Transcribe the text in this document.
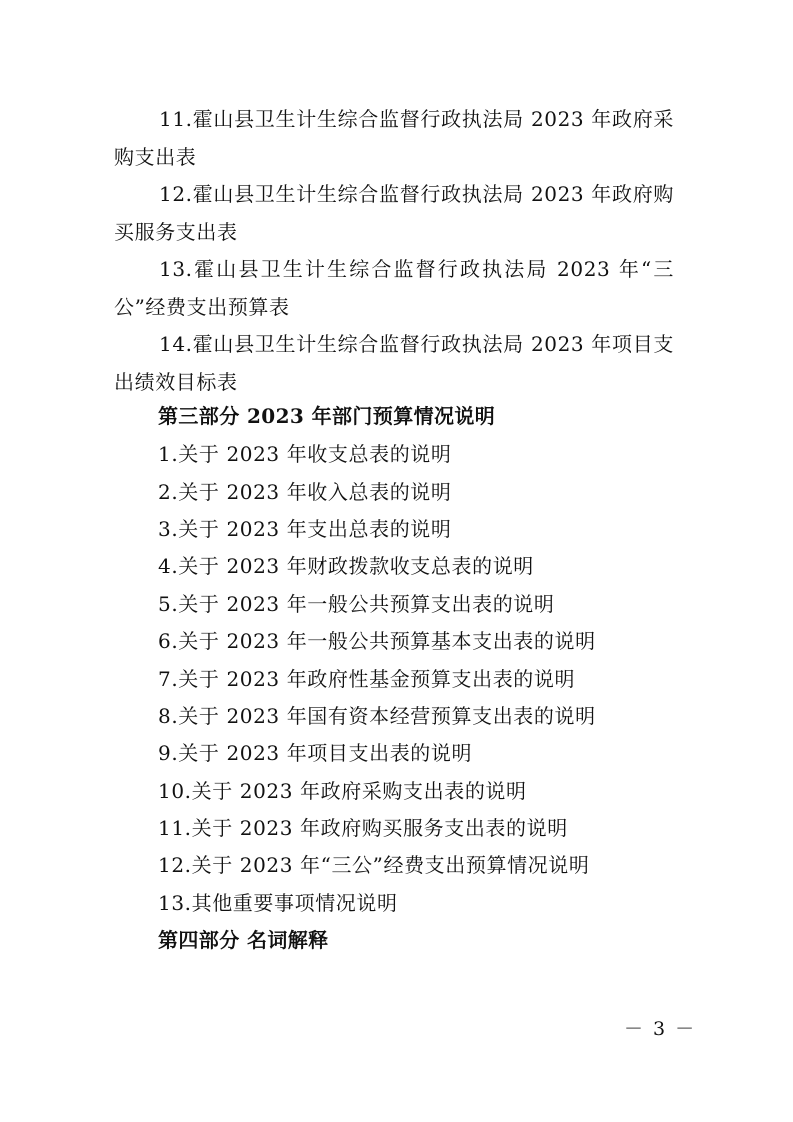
11.霍山县卫生计生综合监督行政执法局 2023 年政府采购支出表
12.霍山县卫生计生综合监督行政执法局 2023 年政府购买服务支出表
13.霍山县卫生计生综合监督行政执法局 2023 年“三公”经费支出预算表
14.霍山县卫生计生综合监督行政执法局 2023 年项目支出绩效目标表
第三部分 2023 年部门预算情况说明
1.关于 2023 年收支总表的说明
2.关于 2023 年收入总表的说明
3.关于 2023 年支出总表的说明
4.关于 2023 年财政拨款收支总表的说明
5.关于 2023 年一般公共预算支出表的说明
6.关于 2023 年一般公共预算基本支出表的说明
7.关于 2023 年政府性基金预算支出表的说明
8.关于 2023 年国有资本经营预算支出表的说明
9.关于 2023 年项目支出表的说明
10.关于 2023 年政府采购支出表的说明
11.关于 2023 年政府购买服务支出表的说明
12.关于 2023 年“三公”经费支出预算情况说明
13.其他重要事项情况说明
第四部分 名词解释
－ 3 －
